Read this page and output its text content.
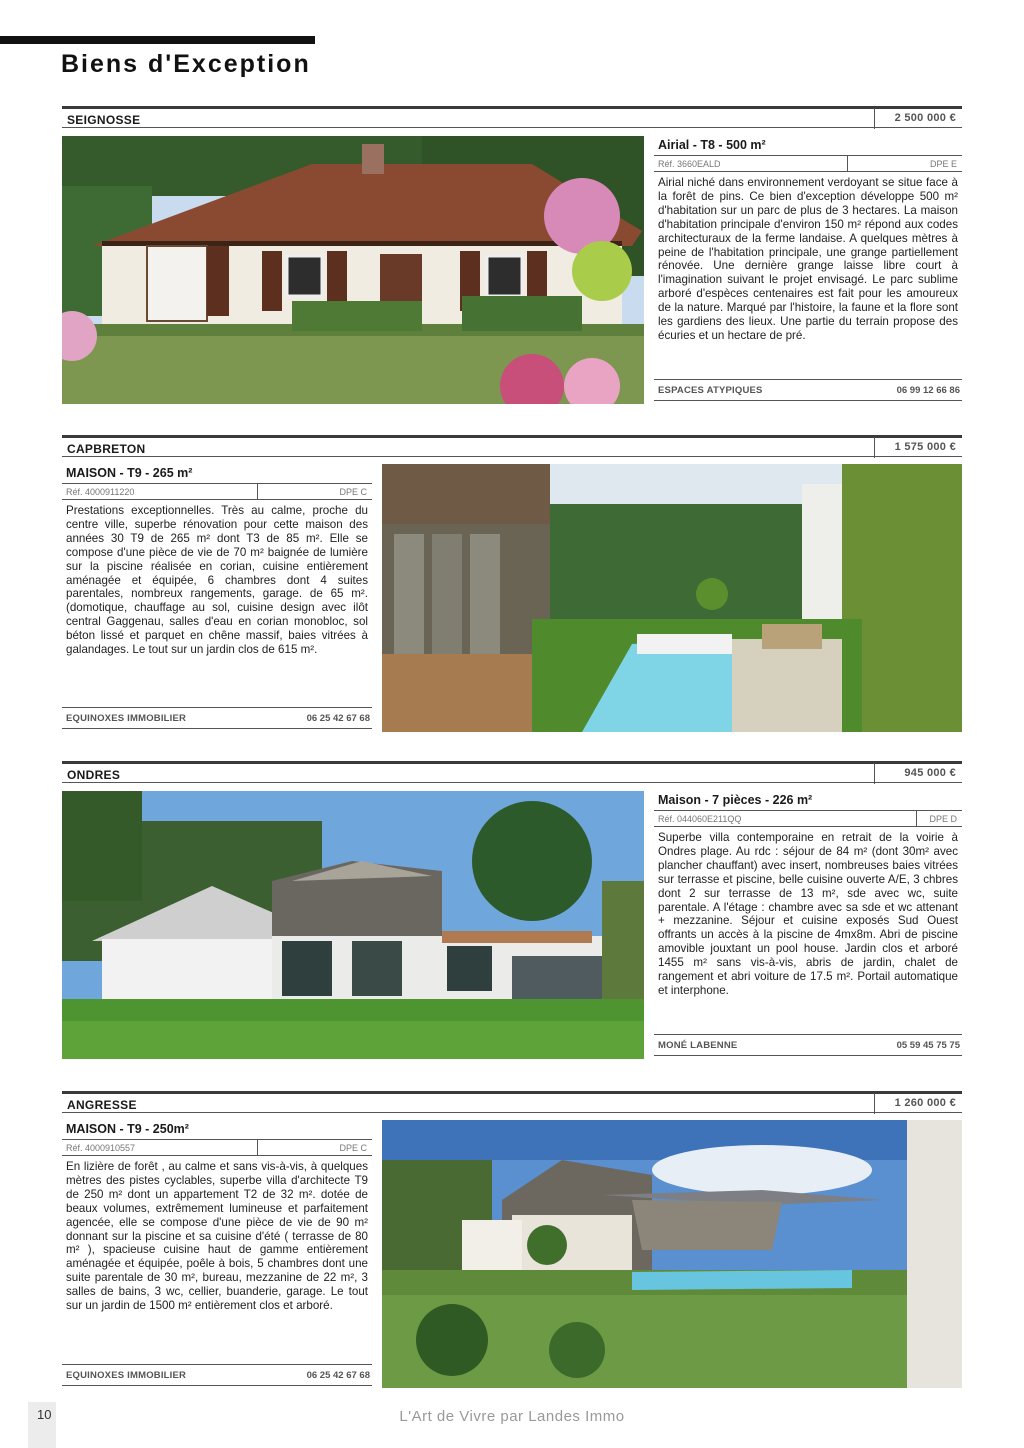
Biens d'Exception
SEIGNOSSE	2 500 000 €
Airial - T8 - 500 m²
Réf. 3660EALD	DPE E

Airial niché dans environnement verdoyant se situe face à la forêt de pins. Ce bien d'exception développe 500 m² d'habitation sur un parc de plus de 3 hectares. La maison d'habitation principale d'environ 150 m² répond aux codes architecturaux de la ferme landaise. A quelques mètres à peine de l'habitation principale, une grange partiellement rénovée. Une dernière grange laisse libre court à l'imagination suivant le projet envisagé. Le parc sublime arboré d'espèces centenaires est fait pour les amoureux de la nature. Marqué par l'histoire, la faune et la flore sont les gardiens des lieux. Une partie du terrain propose des écuries et un hectare de pré.

ESPACES ATYPIQUES	06 99 12 66 86
CAPBRETON	1 575 000 €
MAISON - T9 - 265 m²
Réf. 4000911220	DPE C

Prestations exceptionnelles. Très au calme, proche du centre ville, superbe rénovation pour cette maison des années 30 T9 de 265 m² dont T3 de 85 m². Elle se compose d'une pièce de vie de 70 m² baignée de lumière sur la piscine réalisée en corian, cuisine entièrement aménagée et équipée, 6 chambres dont 4 suites parentales, nombreux rangements, garage. de 65 m². (domotique, chauffage au sol, cuisine design avec ilôt central Gaggenau, salles d'eau en corian monobloc, sol béton lissé et parquet en chêne massif, baies vitrées à galandages. Le tout sur un jardin clos de 615 m².

EQUINOXES IMMOBILIER	06 25 42 67 68
ONDRES	945 000 €
Maison - 7 pièces - 226 m²
Réf. 044060E211QQ	DPE D

Superbe villa contemporaine en retrait de la voirie à Ondres plage. Au rdc : séjour de 84 m² (dont 30m² avec plancher chauffant) avec insert, nombreuses baies vitrées sur terrasse et piscine, belle cuisine ouverte A/E, 3 chbres dont 2 sur terrasse de 13 m², sde avec wc, suite parentale. A l'étage : chambre avec sa sde et wc attenant + mezzanine. Séjour et cuisine exposés Sud Ouest offrants un accès à la piscine de 4mx8m. Abri de piscine amovible jouxtant un pool house. Jardin clos et arboré 1455 m² sans vis-à-vis, abris de jardin, chalet de rangement et abri voiture de 17.5 m². Portail automatique et interphone.

MONÉ LABENNE	05 59 45 75 75
ANGRESSE	1 260 000 €
MAISON - T9 - 250m²
Réf. 4000910557	DPE C

En lizière de forêt , au calme et sans vis-à-vis, à quelques mètres des pistes cyclables, superbe villa d'architecte T9 de 250 m² dont un appartement T2 de 32 m². dotée de beaux volumes, extrêmement lumineuse et parfaitement agencée, elle se compose d'une pièce de vie de 90 m² donnant sur la piscine et sa cuisine d'été ( terrasse de 80 m² ), spacieuse cuisine haut de gamme entièrement aménagée et équipée, poêle à bois, 5 chambres dont une suite parentale de 30 m², bureau, mezzanine de 22 m², 3 salles de bains, 3 wc, cellier, buanderie, garage. Le tout sur un jardin de 1500 m² entièrement clos et arboré.

EQUINOXES IMMOBILIER	06 25 42 67 68
10	L'Art de Vivre par Landes Immo
